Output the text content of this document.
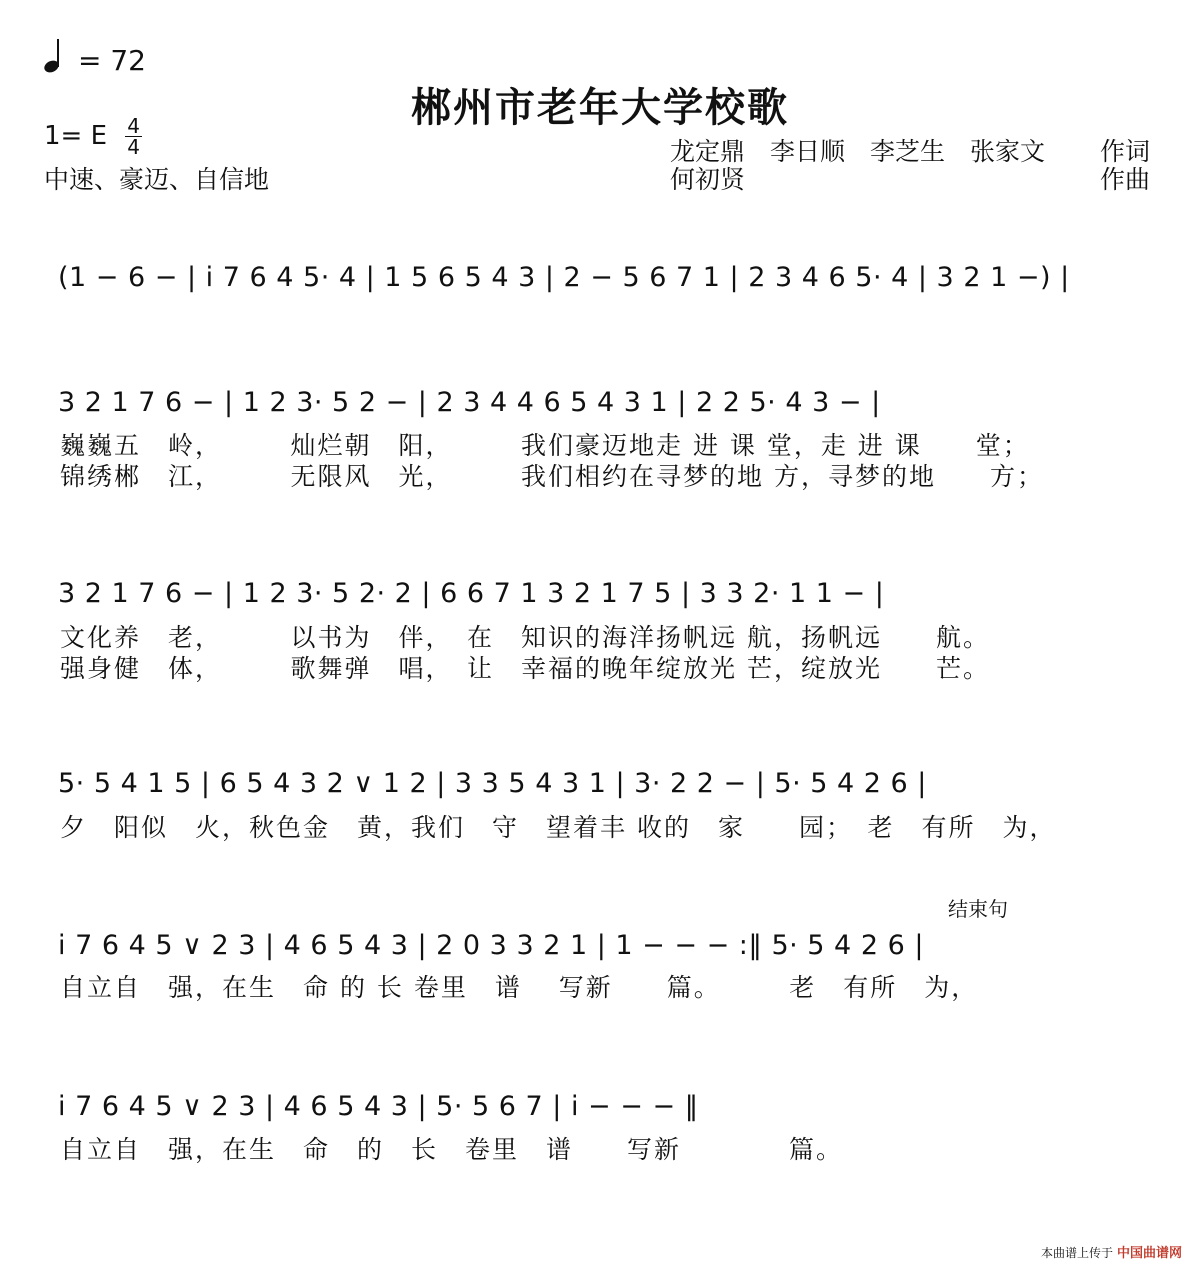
= 72
郴州市老年大学校歌
1= E $\frac{4}{4}$
中速、豪迈、自信地
龙定鼎　李日顺　李芝生　张家文 作词
何初贤	作曲
(1 − 6 − | i 7 6 4 5· 4 | 1 5 6 5 4 3 | 2 − 5 6 7 1 | 2 3 4 6 5· 4 | 3 2 1 −) |
3 2 1 7 6 − | 1 2 3· 5 2 − | 2 3 4 4 6 5 4 3 1 | 2 2 5· 4 3 − |
巍巍五　岭，　　　灿烂朝　阳，　　　我们豪迈地走 进 课 堂，走 进 课　　堂；
锦绣郴　江，　　　无限风　光，　　　我们相约在寻梦的地 方，寻梦的地　　方；
3 2 1 7 6 − | 1 2 3· 5 2· 2 | 6 6 7 1 3 2 1 7 5 | 3 3 2· 1 1 − |
文化养　老，　　　以书为　伴，　在　知识的海洋扬帆远 航，扬帆远　　航。
强身健　体，　　　歌舞弹　唱，　让　幸福的晚年绽放光 芒，绽放光　　芒。
5· 5 4 1 5 | 6 5 4 3 2 ∨ 1 2 | 3 3 5 4 3 1 | 3· 2 2 − | 5· 5 4 2 6 |
夕　阳似　火，秋色金　黄，我们　守　望着丰 收的　家　　园；　老　有所　为，
结束句
i 7 6 4 5 ∨ 2 3 | 4 6 5 4 3 | 2 0 3 3 2 1 | 1 − − − :‖ 5· 5 4 2 6 |
自立自　强，在生　命 的 长 卷里　谱　 写新　　篇。　　　老　有所　为，
i 7 6 4 5 ∨ 2 3 | 4 6 5 4 3 | 5· 5 6 7 | i − − − ‖
自立自　强，在生　命　的　长　卷里　谱　　写新　　　　篇。
本曲谱上传于 中国曲谱网
